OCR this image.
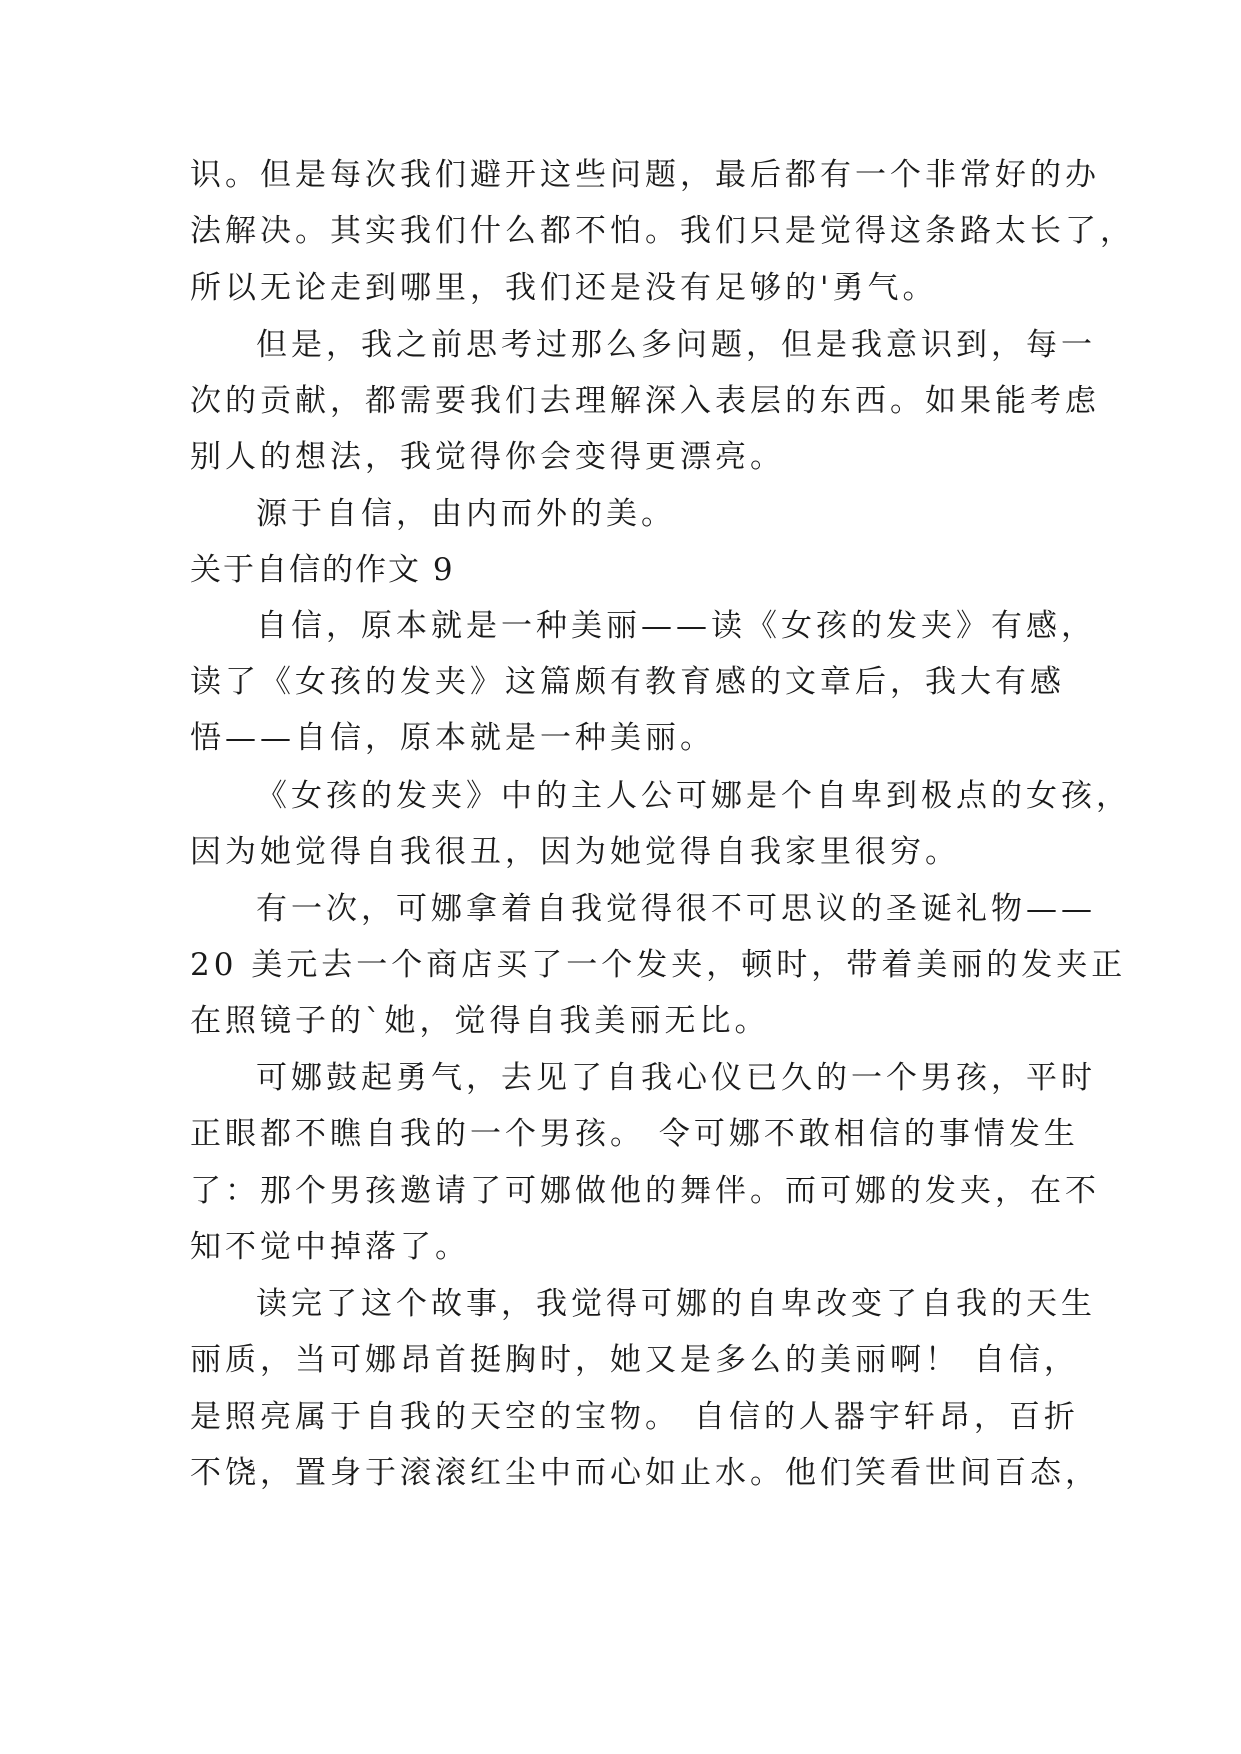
识。但是每次我们避开这些问题，最后都有一个非常好的办
法解决。其实我们什么都不怕。我们只是觉得这条路太长了，
所以无论走到哪里，我们还是没有足够的'勇气。
但是，我之前思考过那么多问题，但是我意识到，每一
次的贡献，都需要我们去理解深入表层的东西。如果能考虑
别人的想法，我觉得你会变得更漂亮。
源于自信，由内而外的美。
关于自信的作文 9
自信，原本就是一种美丽——读《女孩的发夹》有感，
读了《女孩的发夹》这篇颇有教育感的文章后，我大有感
悟——自信，原本就是一种美丽。
《女孩的发夹》中的主人公可娜是个自卑到极点的女孩，
因为她觉得自我很丑，因为她觉得自我家里很穷。
有一次，可娜拿着自我觉得很不可思议的圣诞礼物——
20 美元去一个商店买了一个发夹，顿时，带着美丽的发夹正
在照镜子的`她，觉得自我美丽无比。
可娜鼓起勇气，去见了自我心仪已久的一个男孩，平时
正眼都不瞧自我的一个男孩。 令可娜不敢相信的事情发生
了：那个男孩邀请了可娜做他的舞伴。而可娜的发夹，在不
知不觉中掉落了。
读完了这个故事，我觉得可娜的自卑改变了自我的天生
丽质，当可娜昂首挺胸时，她又是多么的美丽啊！ 自信，
是照亮属于自我的天空的宝物。 自信的人器宇轩昂，百折
不饶，置身于滚滚红尘中而心如止水。他们笑看世间百态，
